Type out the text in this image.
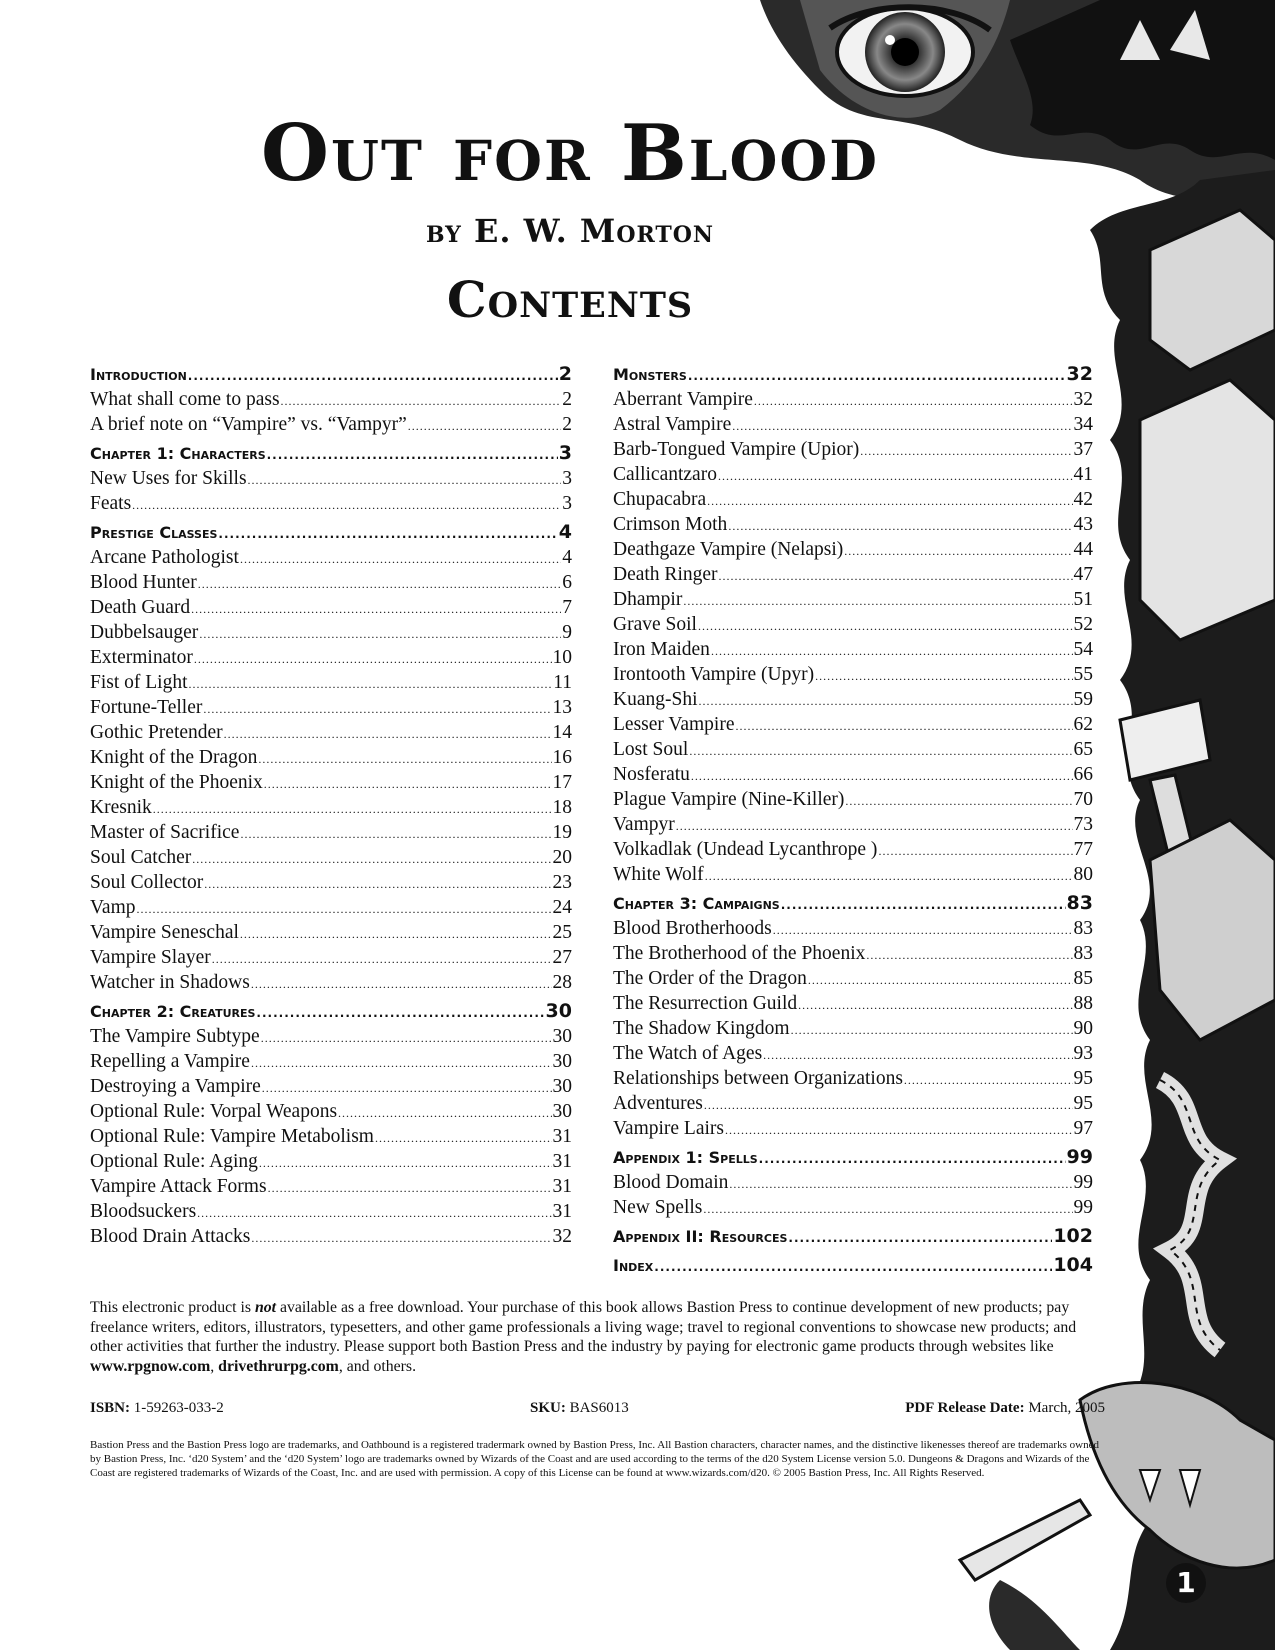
Out for Blood
by E. W. Morton
Contents
Introduction .....	2
What shall come to pass .....	2
A brief note on “Vampire” vs. “Vampyr” .....	2
Chapter 1: Characters .....	3
New Uses for Skills .....	3
Feats .....	3
Prestige Classes .....	4
Arcane Pathologist .....	4
Blood Hunter .....	6
Death Guard .....	7
Dubbelsauger .....	9
Exterminator .....	10
Fist of Light .....	11
Fortune-Teller .....	13
Gothic Pretender .....	14
Knight of the Dragon .....	16
Knight of the Phoenix .....	17
Kresnik .....	18
Master of Sacrifice .....	19
Soul Catcher .....	20
Soul Collector .....	23
Vamp .....	24
Vampire Seneschal .....	25
Vampire Slayer .....	27
Watcher in Shadows .....	28
Chapter 2: Creatures .....	30
The Vampire Subtype .....	30
Repelling a Vampire .....	30
Destroying a Vampire .....	30
Optional Rule: Vorpal Weapons .....	30
Optional Rule: Vampire Metabolism .....	31
Optional Rule: Aging .....	31
Vampire Attack Forms .....	31
Bloodsuckers .....	31
Blood Drain Attacks .....	32
Monsters .....	32
Aberrant Vampire .....	32
Astral Vampire .....	34
Barb-Tongued Vampire (Upior) .....	37
Callicantzaro .....	41
Chupacabra .....	42
Crimson Moth .....	43
Deathgaze Vampire (Nelapsi) .....	44
Death Ringer .....	47
Dhampir .....	51
Grave Soil .....	52
Iron Maiden .....	54
Irontooth Vampire (Upyr) .....	55
Kuang-Shi .....	59
Lesser Vampire .....	62
Lost Soul .....	65
Nosferatu .....	66
Plague Vampire (Nine-Killer) .....	70
Vampyr .....	73
Volkadlak (Undead Lycanthrope ) .....	77
White Wolf .....	80
Chapter 3: Campaigns .....	83
Blood Brotherhoods .....	83
The Brotherhood of the Phoenix .....	83
The Order of the Dragon .....	85
The Resurrection Guild .....	88
The Shadow Kingdom .....	90
The Watch of Ages .....	93
Relationships between Organizations .....	95
Adventures .....	95
Vampire Lairs .....	97
Appendix 1: Spells .....	99
Blood Domain .....	99
New Spells .....	99
Appendix II: Resources .....	102
Index .....	104
This electronic product is not available as a free download. Your purchase of this book allows Bastion Press to continue development of new products; pay freelance writers, editors, illustrators, typesetters, and other game professionals a living wage; travel to regional conventions to showcase new products; and other activities that further the industry. Please support both Bastion Press and the industry by paying for electronic game products through websites like www.rpgnow.com, drivethrurpg.com, and others.
ISBN: 1-59263-033-2	SKU: BAS6013	PDF Release Date: March, 2005
Bastion Press and the Bastion Press logo are trademarks, and Oathbound is a registered tradermark owned by Bastion Press, Inc. All Bastion characters, character names, and the distinctive likenesses thereof are trademarks owned by Bastion Press, Inc. ‘d20 System’ and the ‘d20 System’ logo are trademarks owned by Wizards of the Coast and are used according to the terms of the d20 System License version 5.0. Dungeons & Dragons and Wizards of the Coast are registered trademarks of Wizards of the Coast, Inc. and are used with permission. A copy of this License can be found at www.wizards.com/d20. © 2005 Bastion Press, Inc. All Rights Reserved.
1
